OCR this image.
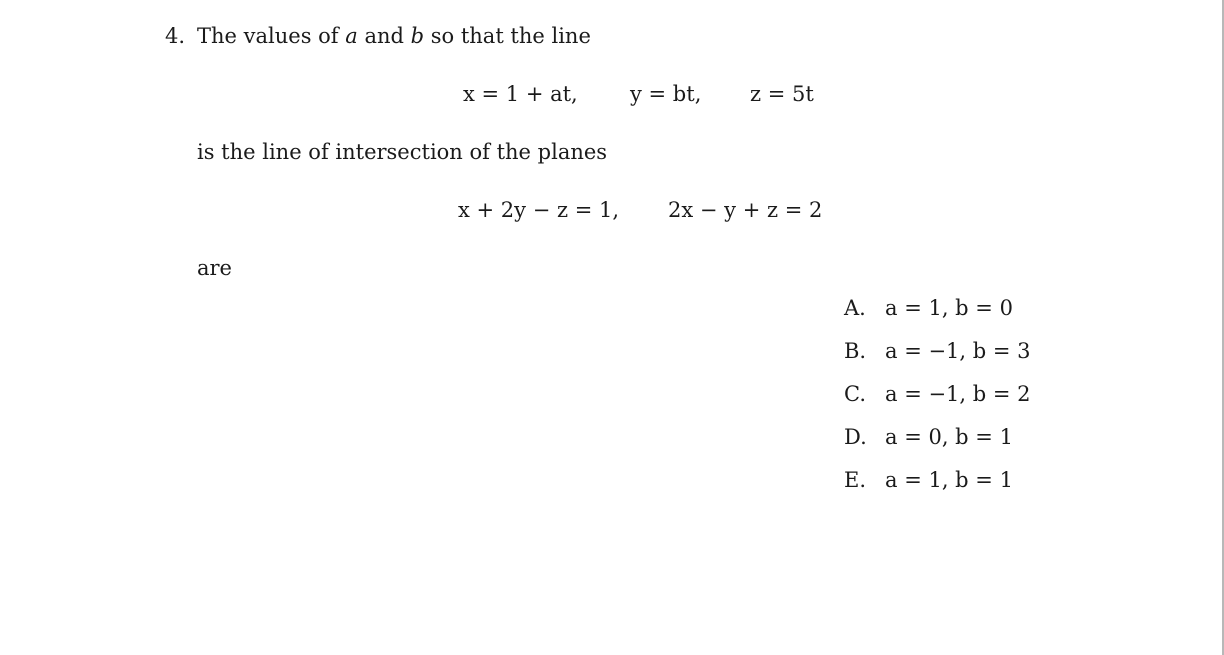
4. The values of a and b so that the line
x = 1 + at, y = bt, z = 5t
is the line of intersection of the planes
x + 2y − z = 1, 2x − y + z = 2
are
A. a = 1, b = 0
B. a = −1, b = 3
C. a = −1, b = 2
D. a = 0, b = 1
E. a = 1, b = 1
